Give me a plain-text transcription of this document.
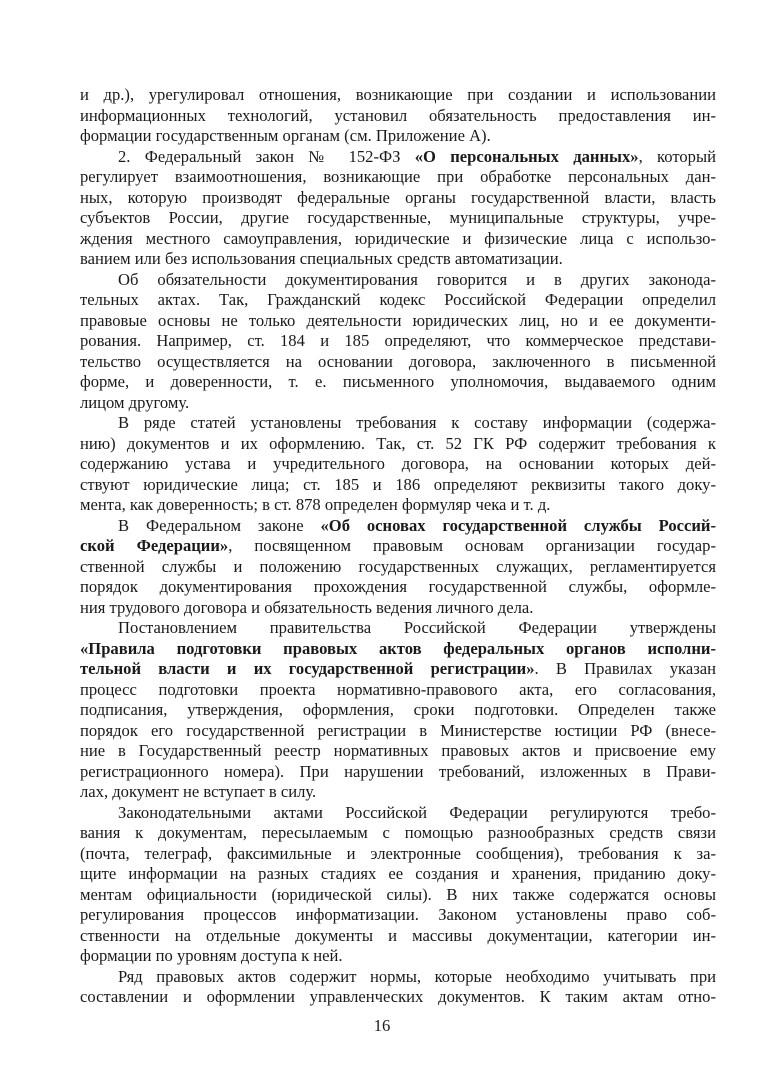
и др.), урегулировал отношения, возникающие при создании и использовании
информационных технологий, установил обязательность предоставления ин-
формации государственным органам (см. Приложение А).
2. Федеральный закон № 152-ФЗ «О персональных данных», который
регулирует взаимоотношения, возникающие при обработке персональных дан-
ных, которую производят федеральные органы государственной власти, власть
субъектов России, другие государственные, муниципальные структуры, учре-
ждения местного самоуправления, юридические и физические лица с использо-
ванием или без использования специальных средств автоматизации.
Об обязательности документирования говорится и в других законода-
тельных актах. Так, Гражданский кодекс Российской Федерации определил
правовые основы не только деятельности юридических лиц, но и ее документи-
рования. Например, ст. 184 и 185 определяют, что коммерческое представи-
тельство осуществляется на основании договора, заключенного в письменной
форме, и доверенности, т. е. письменного уполномочия, выдаваемого одним
лицом другому.
В ряде статей установлены требования к составу информации (содержа-
нию) документов и их оформлению. Так, ст. 52 ГК РФ содержит требования к
содержанию устава и учредительного договора, на основании которых дей-
ствуют юридические лица; ст. 185 и 186 определяют реквизиты такого доку-
мента, как доверенность; в ст. 878 определен формуляр чека и т. д.
В Федеральном законе «Об основах государственной службы Россий-
ской Федерации», посвященном правовым основам организации государ-
ственной службы и положению государственных служащих, регламентируется
порядок документирования прохождения государственной службы, оформле-
ния трудового договора и обязательность ведения личного дела.
Постановлением правительства Российской Федерации утверждены
«Правила подготовки правовых актов федеральных органов исполни-
тельной власти и их государственной регистрации». В Правилах указан
процесс подготовки проекта нормативно-правового акта, его согласования,
подписания, утверждения, оформления, сроки подготовки. Определен также
порядок его государственной регистрации в Министерстве юстиции РФ (внесе-
ние в Государственный реестр нормативных правовых актов и присвоение ему
регистрационного номера). При нарушении требований, изложенных в Прави-
лах, документ не вступает в силу.
Законодательными актами Российской Федерации регулируются требо-
вания к документам, пересылаемым с помощью разнообразных средств связи
(почта, телеграф, факсимильные и электронные сообщения), требования к за-
щите информации на разных стадиях ее создания и хранения, приданию доку-
ментам официальности (юридической силы). В них также содержатся основы
регулирования процессов информатизации. Законом установлены право соб-
ственности на отдельные документы и массивы документации, категории ин-
формации по уровням доступа к ней.
Ряд правовых актов содержит нормы, которые необходимо учитывать при
составлении и оформлении управленческих документов. К таким актам отно-
16
